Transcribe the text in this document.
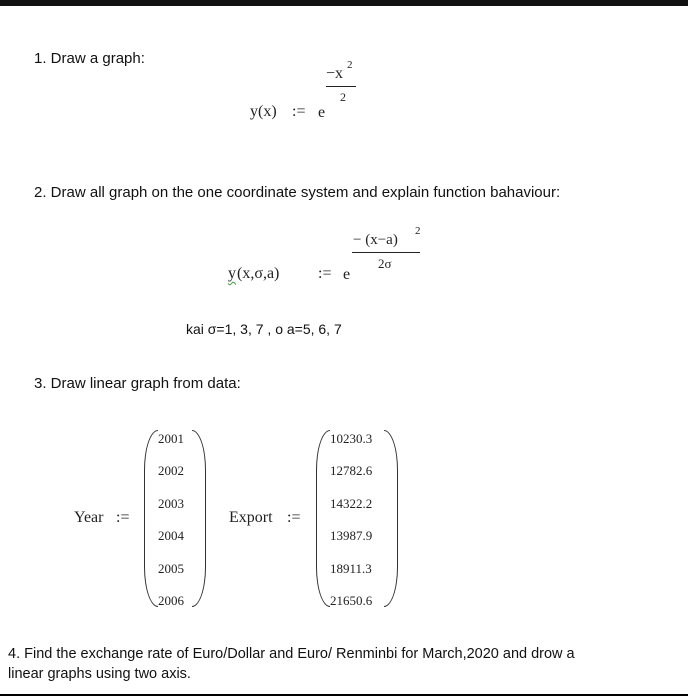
1. Draw a graph:
y(x) := e
−x 2
2
2. Draw all graph on the one coordinate system and explain function bahaviour:
y (x,σ,a) := e
− (x−a)
2
2σ
kai σ=1, 3, 7 , o a=5, 6, 7
3. Draw linear graph from data:
Year :=
2001
2002
2003
2004
2005
2006
Export :=
10230.3
12782.6
14322.2
13987.9
18911.3
21650.6
4. Find the exchange rate of Euro/Dollar and Euro/ Renminbi for March,2020 and drow a
linear graphs using two axis.
